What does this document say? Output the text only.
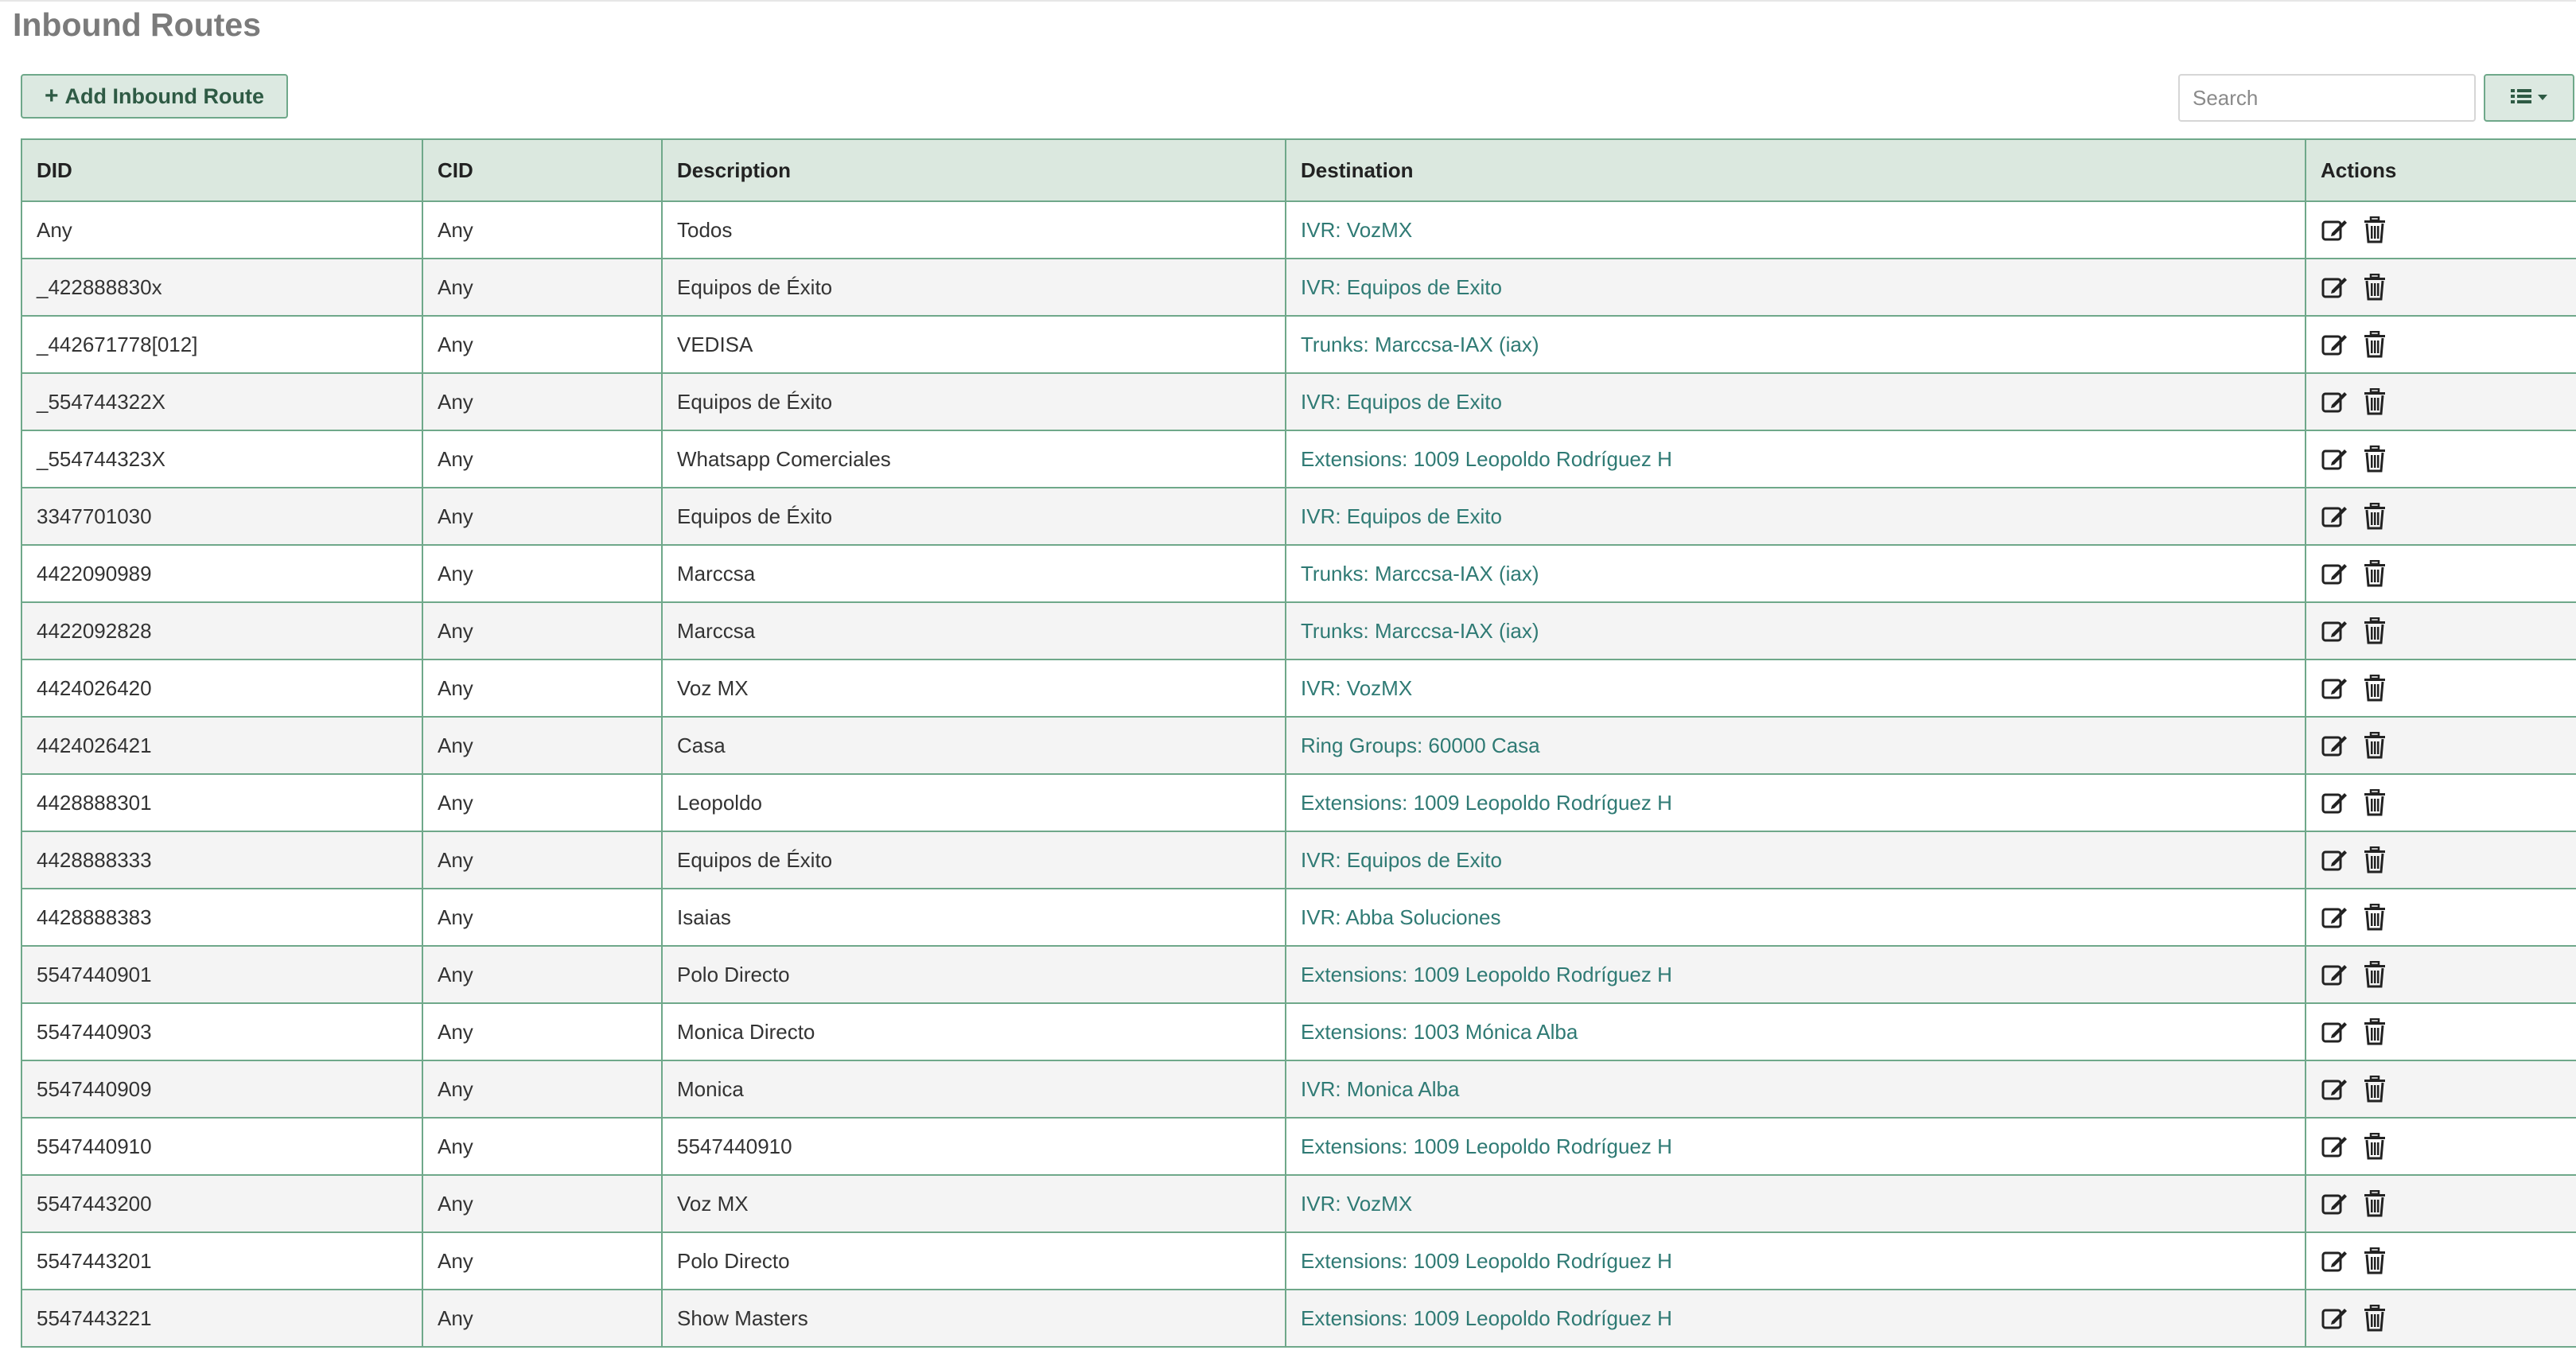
Inbound Routes
+ Add Inbound Route
Search
DID	CID	Description	Destination	Actions
Any	Any	Todos	IVR: VozMX	

_422888830x	Any	Equipos de Éxito	IVR: Equipos de Exito	

_442671778[012]	Any	VEDISA	Trunks: Marccsa-IAX (iax)	

_554744322X	Any	Equipos de Éxito	IVR: Equipos de Exito	

_554744323X	Any	Whatsapp Comerciales	Extensions: 1009 Leopoldo Rodríguez H	

3347701030	Any	Equipos de Éxito	IVR: Equipos de Exito	

4422090989	Any	Marccsa	Trunks: Marccsa-IAX (iax)	

4422092828	Any	Marccsa	Trunks: Marccsa-IAX (iax)	

4424026420	Any	Voz MX	IVR: VozMX	

4424026421	Any	Casa	Ring Groups: 60000 Casa	

4428888301	Any	Leopoldo	Extensions: 1009 Leopoldo Rodríguez H	

4428888333	Any	Equipos de Éxito	IVR: Equipos de Exito	

4428888383	Any	Isaias	IVR: Abba Soluciones	

5547440901	Any	Polo Directo	Extensions: 1009 Leopoldo Rodríguez H	

5547440903	Any	Monica Directo	Extensions: 1003 Mónica Alba	

5547440909	Any	Monica	IVR: Monica Alba	

5547440910	Any	5547440910	Extensions: 1009 Leopoldo Rodríguez H	

5547443200	Any	Voz MX	IVR: VozMX	

5547443201	Any	Polo Directo	Extensions: 1009 Leopoldo Rodríguez H	

5547443221	Any	Show Masters	Extensions: 1009 Leopoldo Rodríguez H	
